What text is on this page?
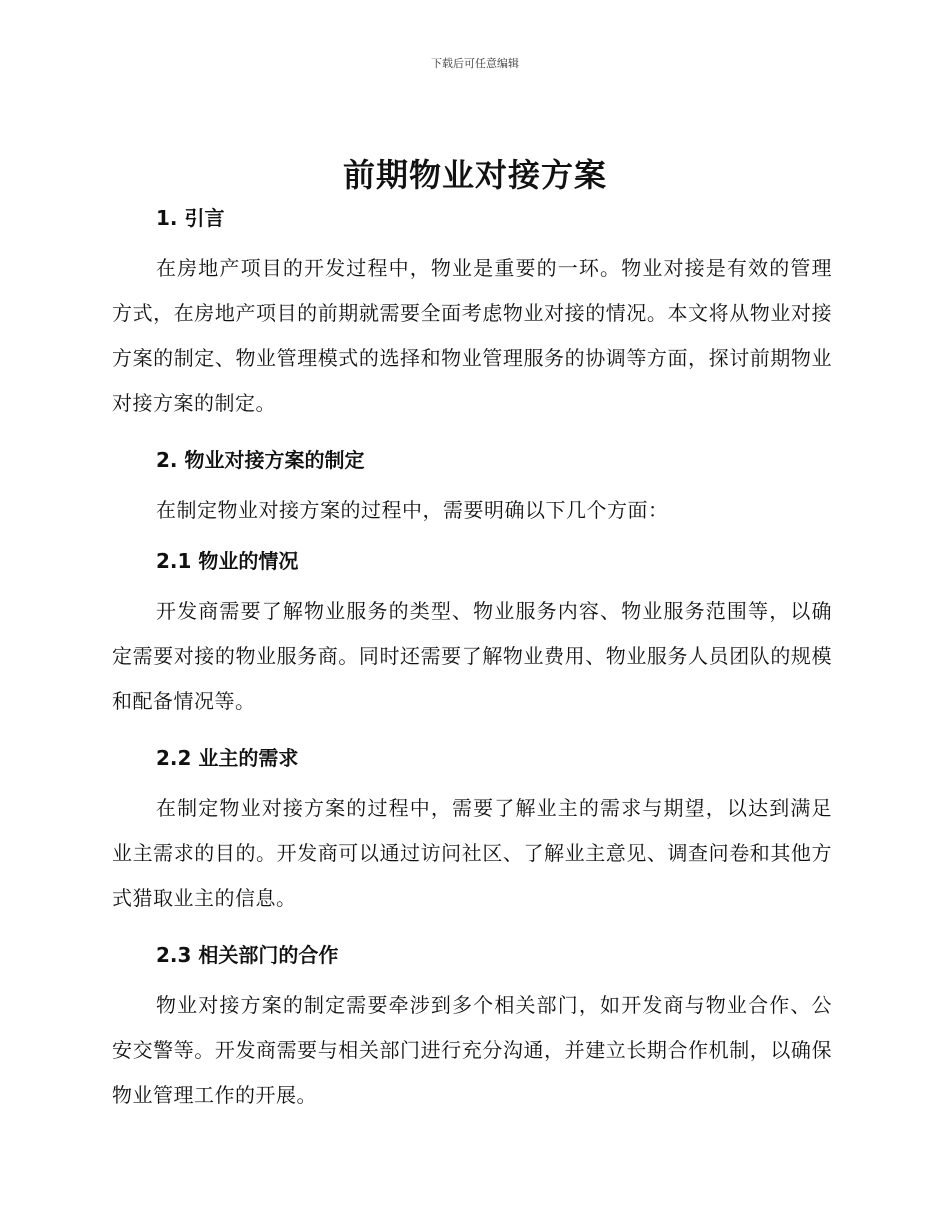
下载后可任意编辑
前期物业对接方案
1. 引言

在房地产项目的开发过程中，物业是重要的一环。物业对接是有效的管理方式，在房地产项目的前期就需要全面考虑物业对接的情况。本文将从物业对接方案的制定、物业管理模式的选择和物业管理服务的协调等方面，探讨前期物业对接方案的制定。

2. 物业对接方案的制定

在制定物业对接方案的过程中，需要明确以下几个方面：

2.1 物业的情况

开发商需要了解物业服务的类型、物业服务内容、物业服务范围等，以确定需要对接的物业服务商。同时还需要了解物业费用、物业服务人员团队的规模和配备情况等。

2.2 业主的需求

在制定物业对接方案的过程中，需要了解业主的需求与期望，以达到满足业主需求的目的。开发商可以通过访问社区、了解业主意见、调查问卷和其他方式猎取业主的信息。

2.3 相关部门的合作

物业对接方案的制定需要牵涉到多个相关部门，如开发商与物业合作、公安交警等。开发商需要与相关部门进行充分沟通，并建立长期合作机制，以确保物业管理工作的开展。
